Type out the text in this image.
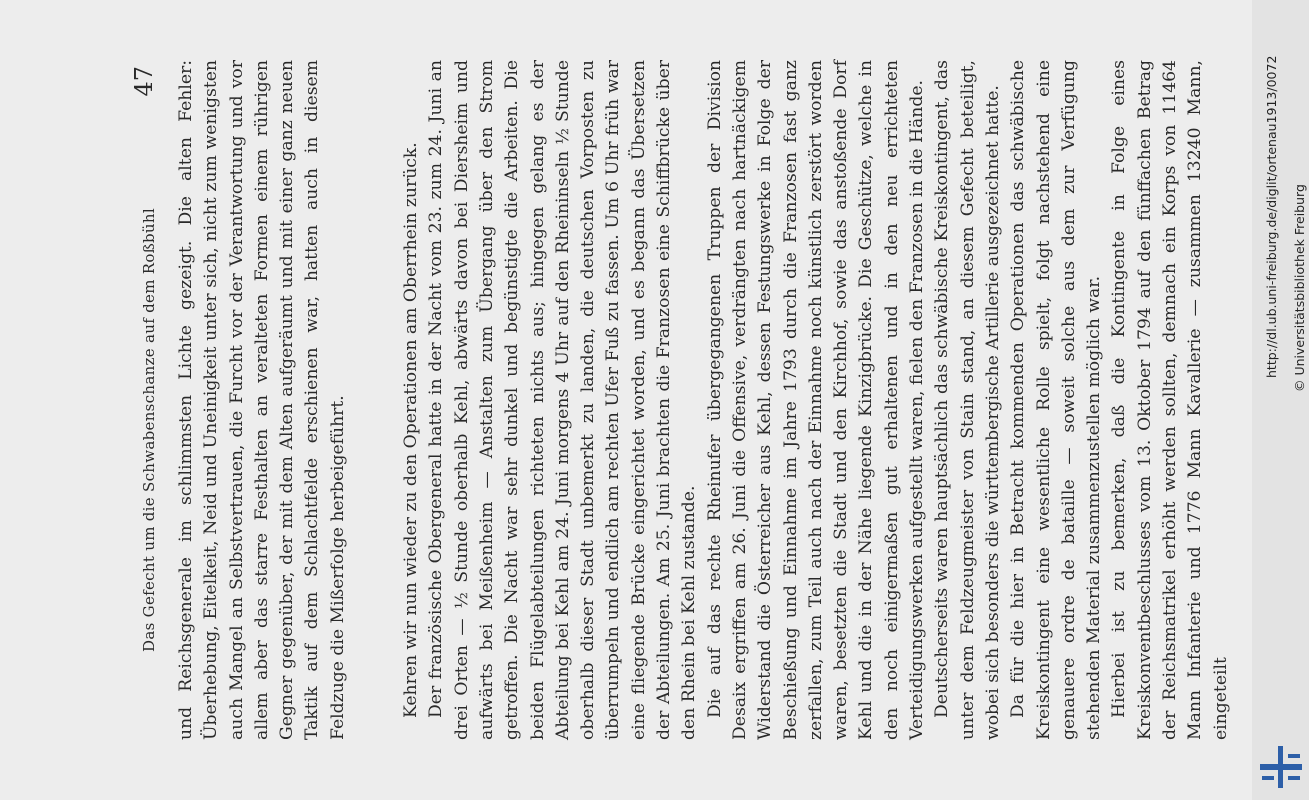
Das Gefecht um die Schwabenschanze auf dem Roßbühl
47 und Reichsgenerale im schlimmsten Lichte gezeigt. Die alten Fehler: Überhebung, Eitelkeit, Neid und Uneinigkeit unter sich, nicht zum wenigsten auch Mangel an Selbstvertrauen, die Furcht vor der Verantwortung und vor allem aber das starre Festhalten an veralteten Formen einem rührigen Gegner gegenüber, der mit dem Alten aufgeräumt und mit einer ganz neuen Taktik auf dem Schlachtfelde erschienen war, hatten auch in diesem Feldzuge die Mißerfolge herbeigeführt.	Kehren wir nun wieder zu den Operationen am Oberrhein zurück. Der französische Obergeneral hatte in der Nacht vom 23. zum 24. Juni an drei Orten — ½ Stunde oberhalb Kehl, abwärts davon bei Diersheim und aufwärts bei Meißenheim — Anstalten zum Übergang über den Strom getroffen. Die Nacht war sehr dunkel und begünstigte die Arbeiten. Die beiden Flügelabteilungen richteten nichts aus; hingegen gelang es der Abteilung bei Kehl am 24. Juni morgens 4 Uhr auf den Rheininseln ½ Stunde oberhalb dieser Stadt unbemerkt zu landen, die deutschen Vorposten zu überrumpeln und endlich am rechten Ufer Fuß zu fassen. Um 6 Uhr früh war eine fliegende Brücke eingerichtet worden, und es begann das Übersetzen der Abteilungen. Am 25. Juni brachten die Franzosen eine Schiffbrücke über den Rhein bei Kehl zustande. Die auf das rechte Rheinufer übergegangenen Truppen der Division Desaix ergriffen am 26. Juni die Offensive, verdrängten nach hartnäckigem Widerstand die Österreicher aus Kehl, dessen Festungswerke in Folge der Beschießung und Einnahme im Jahre 1793 durch die Franzosen fast ganz zerfallen, zum Teil auch nach der Einnahme noch künstlich zerstört worden waren, besetzten die Stadt und den Kirchhof, sowie das anstoßende Dorf Kehl und die in der Nähe liegende Kinzigbrücke. Die Geschütze, welche in den noch einigermaßen gut erhaltenen und in den neu errichteten Verteidigungswerken aufgestellt waren, fielen den Franzosen in die Hände. Deutscherseits waren hauptsächlich das schwäbische Kreiskontingent, das unter dem Feldzeugmeister von Stain stand, an diesem Gefecht beteiligt, wobei sich besonders die württembergische Artillerie ausgezeichnet hatte. Da für die hier in Betracht kommenden Operationen das schwäbische Kreiskontingent eine wesentliche Rolle spielt, folgt nachstehend eine genauere ordre de bataille — soweit solche aus dem zur Verfügung stehenden Material zusammenzustellen möglich war. Hierbei ist zu bemerken, daß die Kontingente in Folge eines Kreiskonventbeschlusses vom 13. Oktober 1794 auf den fünffachen Betrag der Reichsmatrikel erhöht werden sollten, demnach ein Korps von 11464 Mann Infanterie und 1776 Mann Kavallerie — zusammen 13240 Mann, eingeteilt

http://dl.ub.uni-freiburg.de/diglit/ortenau1913/0072 © Universitätsbibliothek Freiburg
